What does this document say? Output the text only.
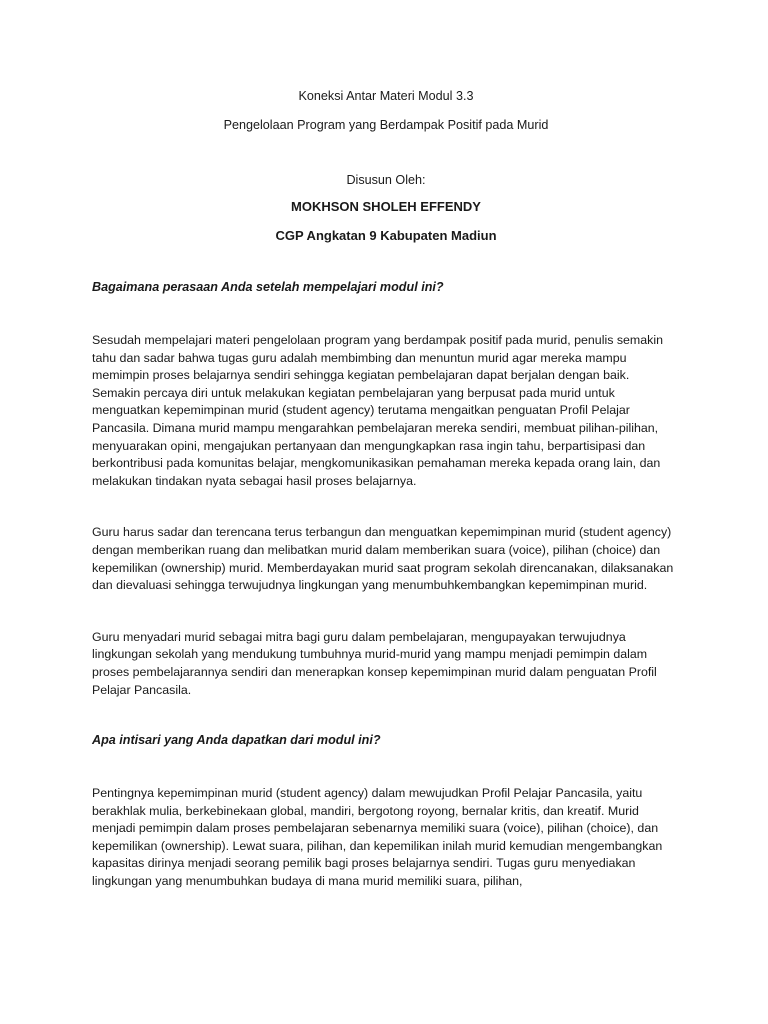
Koneksi Antar Materi Modul 3.3

Pengelolaan Program yang Berdampak Positif pada Murid

Disusun Oleh:

MOKHSON SHOLEH EFFENDY

CGP Angkatan 9 Kabupaten Madiun

Bagaimana perasaan Anda setelah mempelajari modul ini?

Sesudah mempelajari materi pengelolaan program yang berdampak positif pada murid, penulis semakin tahu dan sadar bahwa tugas guru adalah membimbing dan menuntun murid agar mereka mampu memimpin proses belajarnya sendiri sehingga kegiatan pembelajaran dapat berjalan dengan baik. Semakin percaya diri untuk melakukan kegiatan pembelajaran yang berpusat pada murid untuk menguatkan kepemimpinan murid (student agency) terutama mengaitkan penguatan Profil Pelajar Pancasila. Dimana murid mampu mengarahkan pembelajaran mereka sendiri, membuat pilihan-pilihan, menyuarakan opini, mengajukan pertanyaan dan mengungkapkan rasa ingin tahu, berpartisipasi dan berkontribusi pada komunitas belajar, mengkomunikasikan pemahaman mereka kepada orang lain, dan melakukan tindakan nyata sebagai hasil proses belajarnya.

Guru harus sadar dan terencana terus terbangun dan menguatkan kepemimpinan murid (student agency) dengan memberikan ruang dan melibatkan murid dalam memberikan suara (voice), pilihan (choice) dan kepemilikan (ownership) murid. Memberdayakan murid saat program sekolah direncanakan, dilaksanakan dan dievaluasi sehingga terwujudnya lingkungan yang menumbuhkembangkan kepemimpinan murid.

Guru menyadari murid sebagai mitra bagi guru dalam pembelajaran, mengupayakan terwujudnya lingkungan sekolah yang mendukung tumbuhnya murid-murid yang mampu menjadi pemimpin dalam proses pembelajarannya sendiri dan menerapkan konsep kepemimpinan murid dalam penguatan Profil Pelajar Pancasila.

Apa intisari yang Anda dapatkan dari modul ini?

Pentingnya kepemimpinan murid (student agency) dalam mewujudkan Profil Pelajar Pancasila, yaitu berakhlak mulia, berkebinekaan global, mandiri, bergotong royong, bernalar kritis, dan kreatif. Murid menjadi pemimpin dalam proses pembelajaran sebenarnya memiliki suara (voice), pilihan (choice), dan kepemilikan (ownership). Lewat suara, pilihan, dan kepemilikan inilah murid kemudian mengembangkan kapasitas dirinya menjadi seorang pemilik bagi proses belajarnya sendiri. Tugas guru menyediakan lingkungan yang menumbuhkan budaya di mana murid memiliki suara, pilihan,
